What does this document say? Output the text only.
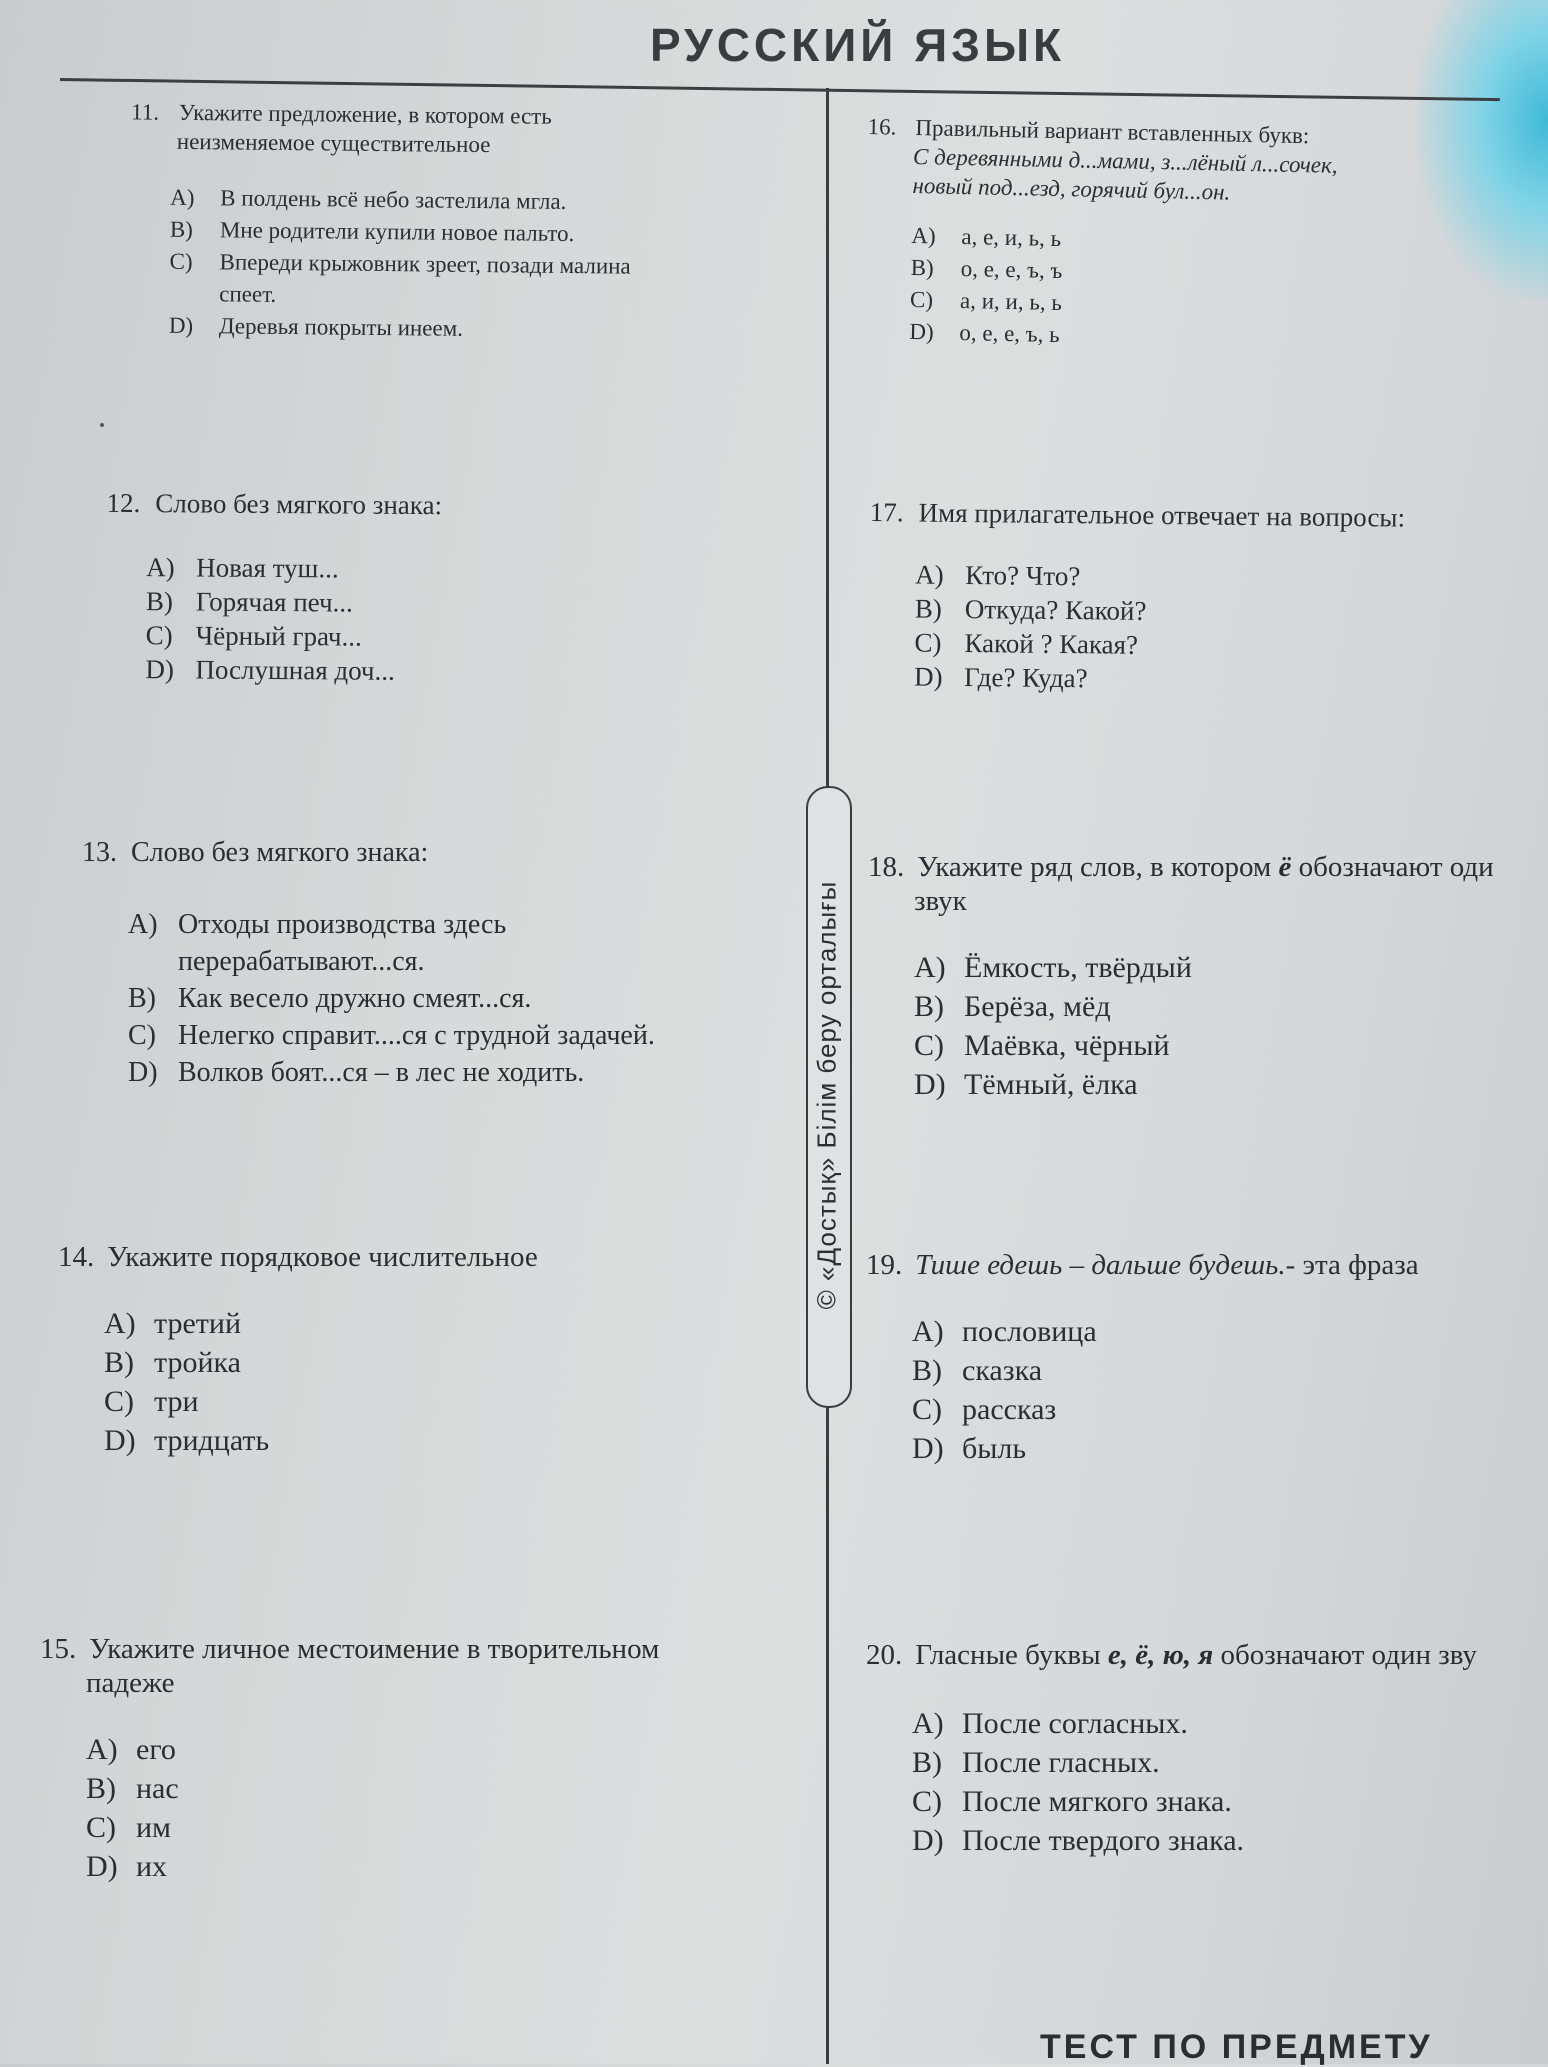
РУССКИЙ ЯЗЫК
© «Достық» Білім беру орталығы
11. Укажите предложение, в котором есть
неизменяемое существительное
A) В полдень всё небо застелила мгла.
B) Мне родители купили новое пальто.
C) Впереди крыжовник зреет, позади малина
спеет.
D) Деревья покрыты инеем.
12. Слово без мягкого знака:
A) Новая туш...
B) Горячая печ...
C) Чёрный грач...
D) Послушная доч...
13. Слово без мягкого знака:
A) Отходы производства здесь
перерабатывают...ся.
B) Как весело дружно смеят...ся.
C) Нелегко справит....ся с трудной задачей.
D) Волков боят...ся – в лес не ходить.
14. Укажите порядковое числительное
A) третий
B) тройка
C) три
D) тридцать
15. Укажите личное местоимение в творительном
падеже
A) его
B) нас
C) им
D) их
16. Правильный вариант вставленных букв:
С деревянными д...мами, з...лёный л...сочек,
новый под...езд, горячий бул...он.
A) а, е, и, ь, ь
B) о, е, е, ъ, ъ
C) а, и, и, ь, ь
D) о, е, е, ъ, ь
17. Имя прилагательное отвечает на вопросы:
A) Кто? Что?
B) Откуда? Какой?
C) Какой ? Какая?
D) Где? Куда?
18. Укажите ряд слов, в котором ё обозначают оди
звук
A) Ёмкость, твёрдый
B) Берёза, мёд
C) Маёвка, чёрный
D) Тёмный, ёлка
19. Тише едешь – дальше будешь.- эта фраза
A) пословица
B) сказка
C) рассказ
D) быль
20. Гласные буквы е, ё, ю, я обозначают один зву
A) После согласных.
B) После гласных.
C) После мягкого знака.
D) После твердого знака.
ТЕСТ ПО ПРЕДМЕТУ
